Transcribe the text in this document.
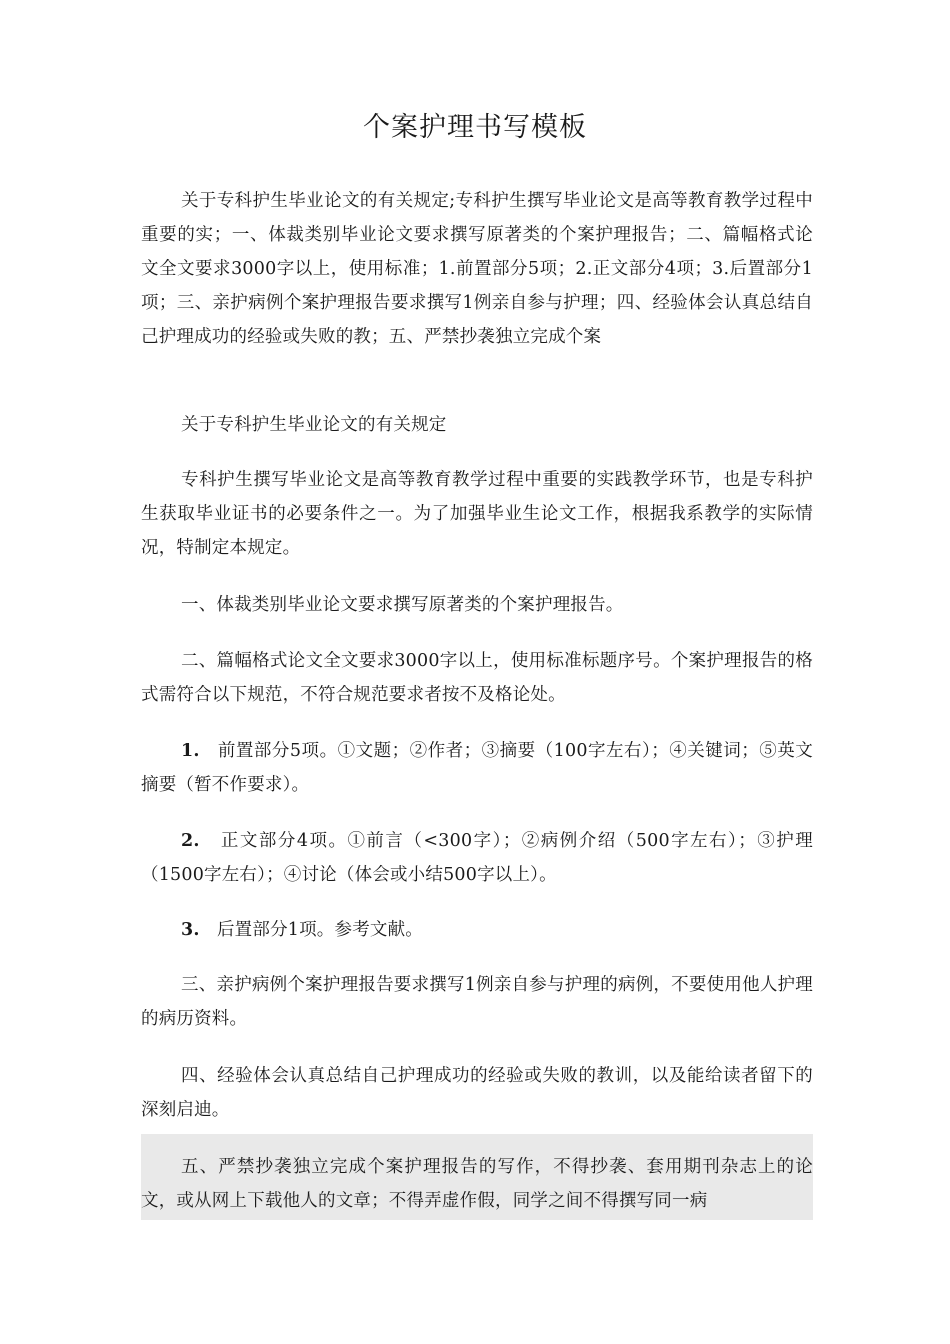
个案护理书写模板
关于专科护生毕业论文的有关规定;专科护生撰写毕业论文是高等教育教学过程中重要的实；一、体裁类别毕业论文要求撰写原著类的个案护理报告；二、篇幅格式论文全文要求3000字以上，使用标准；1.前置部分5项；2.正文部分4项；3.后置部分1项；三、亲护病例个案护理报告要求撰写1例亲自参与护理；四、经验体会认真总结自己护理成功的经验或失败的教；五、严禁抄袭独立完成个案
关于专科护生毕业论文的有关规定
专科护生撰写毕业论文是高等教育教学过程中重要的实践教学环节，也是专科护生获取毕业证书的必要条件之一。为了加强毕业生论文工作，根据我系教学的实际情况，特制定本规定。
一、体裁类别毕业论文要求撰写原著类的个案护理报告。
二、篇幅格式论文全文要求3000字以上，使用标准标题序号。个案护理报告的格式需符合以下规范，不符合规范要求者按不及格论处。
1. 前置部分5项。①文题；②作者；③摘要（100字左右）；④关键词；⑤英文摘要（暂不作要求）。
2. 正文部分4项。①前言（<300字）；②病例介绍（500字左右）；③护理（1500字左右）；④讨论（体会或小结500字以上）。
3. 后置部分1项。参考文献。
三、亲护病例个案护理报告要求撰写1例亲自参与护理的病例，不要使用他人护理的病历资料。
四、经验体会认真总结自己护理成功的经验或失败的教训，以及能给读者留下的深刻启迪。
五、严禁抄袭独立完成个案护理报告的写作，不得抄袭、套用期刊杂志上的论文，或从网上下载他人的文章；不得弄虚作假，同学之间不得撰写同一病
